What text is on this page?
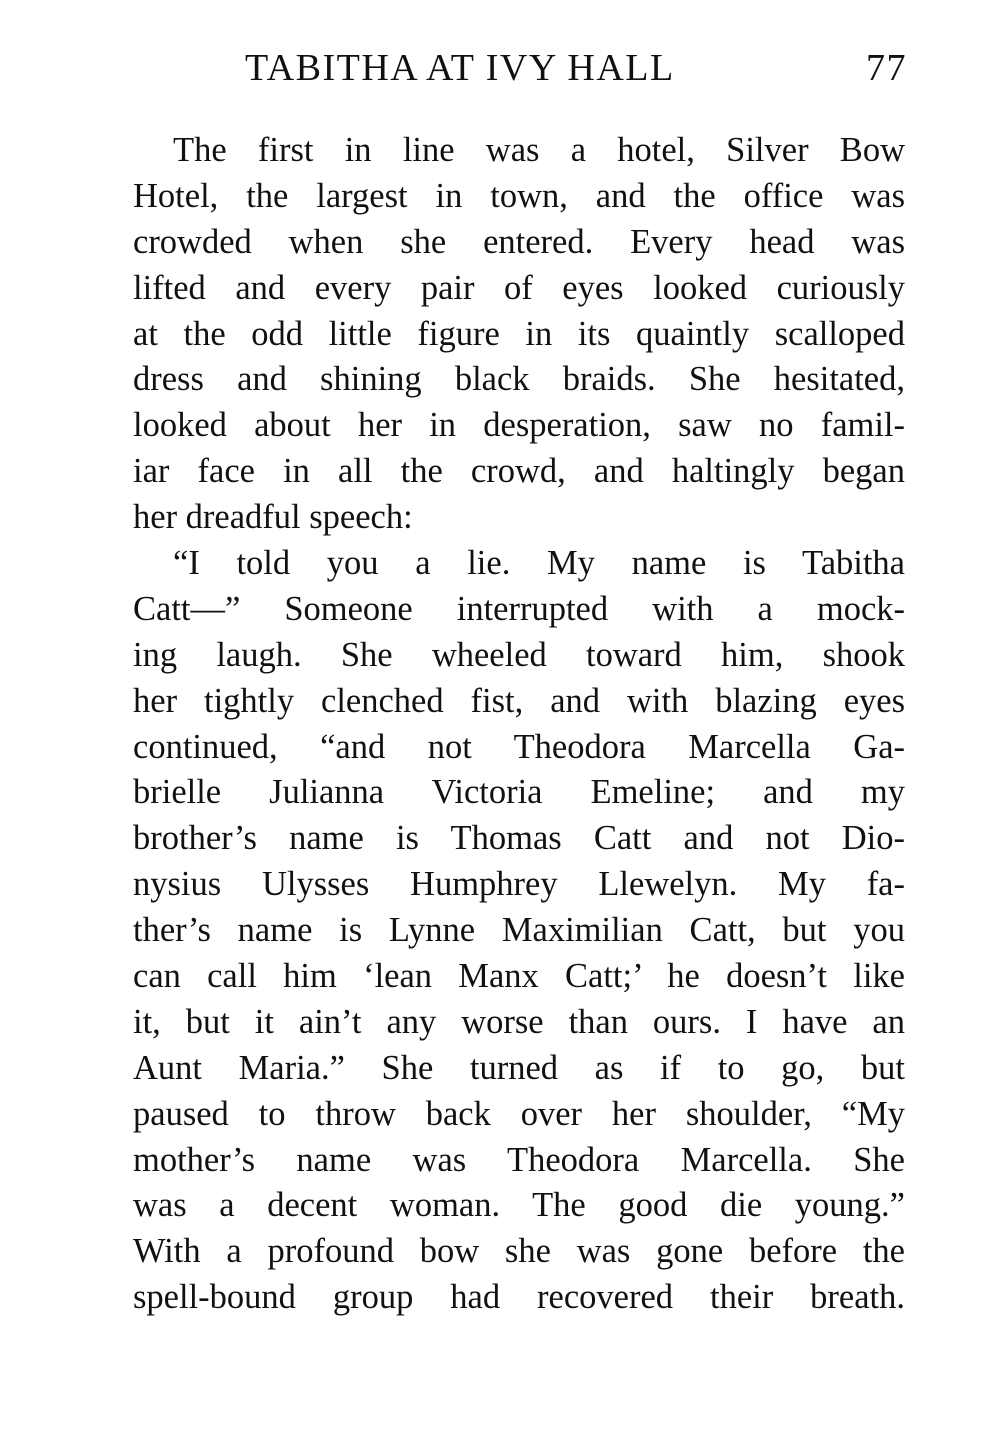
TABITHA AT IVY HALL	77
The first in line was a hotel, Silver Bow
Hotel, the largest in town, and the office was
crowded when she entered. Every head was
lifted and every pair of eyes looked curiously
at the odd little figure in its quaintly scalloped
dress and shining black braids. She hesitated,
looked about her in desperation, saw no famil-
iar face in all the crowd, and haltingly began
her dreadful speech:
“I told you a lie. My name is Tabitha
Catt—” Someone interrupted with a mock-
ing laugh. She wheeled toward him, shook
her tightly clenched fist, and with blazing eyes
continued, “and not Theodora Marcella Ga-
brielle Julianna Victoria Emeline; and my
brother’s name is Thomas Catt and not Dio-
nysius Ulysses Humphrey Llewelyn. My fa-
ther’s name is Lynne Maximilian Catt, but you
can call him ‘lean Manx Catt;’ he doesn’t like
it, but it ain’t any worse than ours. I have an
Aunt Maria.” She turned as if to go, but
paused to throw back over her shoulder, “My
mother’s name was Theodora Marcella. She
was a decent woman. The good die young.”
With a profound bow she was gone before the
spell-bound group had recovered their breath.
